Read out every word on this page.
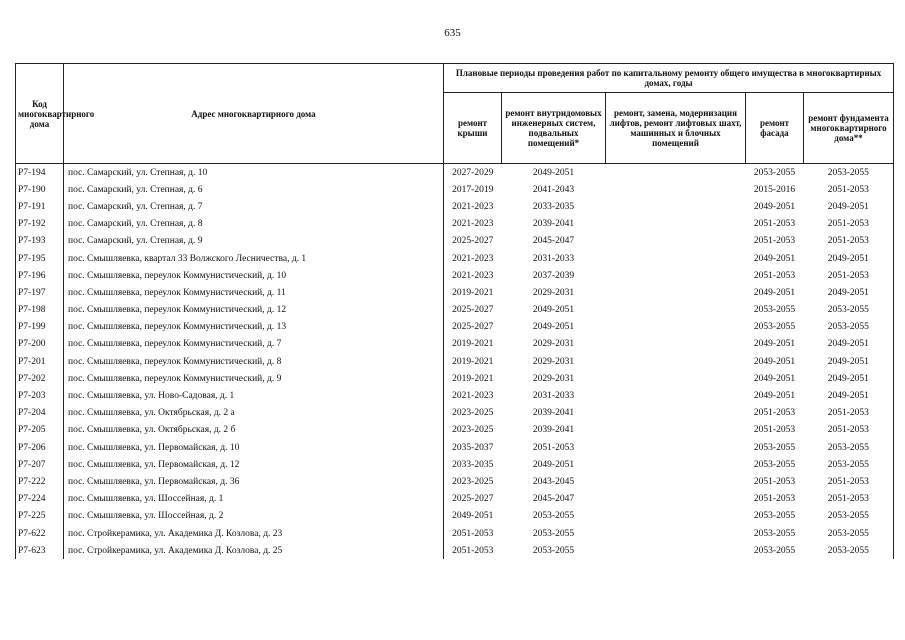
635
Код многоквартирного дома	Адрес многоквартирного дома	Плановые периоды проведения работ по капитальному ремонту общего имущества в многоквартирных домах, годы				
		ремонт крыши	ремонт внутридомовых инженерных систем, подвальных помещений*	ремонт, замена, модернизация лифтов, ремонт лифтовых шахт, машинных и блочных помещений	ремонт фасада	ремонт фундамента многоквартирного дома**
Р7-194	пос. Самарский, ул. Степная, д. 10	2027-2029	2049-2051		2053-2055	2053-2055
Р7-190	пос. Самарский, ул. Степная, д. 6	2017-2019	2041-2043		2015-2016	2051-2053
Р7-191	пос. Самарский, ул. Степная, д. 7	2021-2023	2033-2035		2049-2051	2049-2051
Р7-192	пос. Самарский, ул. Степная, д. 8	2021-2023	2039-2041		2051-2053	2051-2053
Р7-193	пос. Самарский, ул. Степная, д. 9	2025-2027	2045-2047		2051-2053	2051-2053
Р7-195	пос. Смышляевка, квартал 33 Волжского Лесничества, д. 1	2021-2023	2031-2033		2049-2051	2049-2051
Р7-196	пос. Смышляевка, переулок Коммунистический, д. 10	2021-2023	2037-2039		2051-2053	2051-2053
Р7-197	пос. Смышляевка, переулок Коммунистический, д. 11	2019-2021	2029-2031		2049-2051	2049-2051
Р7-198	пос. Смышляевка, переулок Коммунистический, д. 12	2025-2027	2049-2051		2053-2055	2053-2055
Р7-199	пос. Смышляевка, переулок Коммунистический, д. 13	2025-2027	2049-2051		2053-2055	2053-2055
Р7-200	пос. Смышляевка, переулок Коммунистический, д. 7	2019-2021	2029-2031		2049-2051	2049-2051
Р7-201	пос. Смышляевка, переулок Коммунистический, д. 8	2019-2021	2029-2031		2049-2051	2049-2051
Р7-202	пос. Смышляевка, переулок Коммунистический, д. 9	2019-2021	2029-2031		2049-2051	2049-2051
Р7-203	пос. Смышляевка, ул. Ново-Садовая, д. 1	2021-2023	2031-2033		2049-2051	2049-2051
Р7-204	пос. Смышляевка, ул. Октябрьская, д. 2 а	2023-2025	2039-2041		2051-2053	2051-2053
Р7-205	пос. Смышляевка, ул. Октябрьская, д. 2 б	2023-2025	2039-2041		2051-2053	2051-2053
Р7-206	пос. Смышляевка, ул. Первомайская, д. 10	2035-2037	2051-2053		2053-2055	2053-2055
Р7-207	пос. Смышляевка, ул. Первомайская, д. 12	2033-2035	2049-2051		2053-2055	2053-2055
Р7-222	пос. Смышляевка, ул. Первомайская, д. 36	2023-2025	2043-2045		2051-2053	2051-2053
Р7-224	пос. Смышляевка, ул. Шоссейная, д. 1	2025-2027	2045-2047		2051-2053	2051-2053
Р7-225	пос. Смышляевка, ул. Шоссейная, д. 2	2049-2051	2053-2055		2053-2055	2053-2055
Р7-622	пос. Стройкерамика, ул. Академика Д. Козлова, д. 23	2051-2053	2053-2055		2053-2055	2053-2055
Р7-623	пос. Стройкерамика, ул. Академика Д. Козлова, д. 25	2051-2053	2053-2055		2053-2055	2053-2055
